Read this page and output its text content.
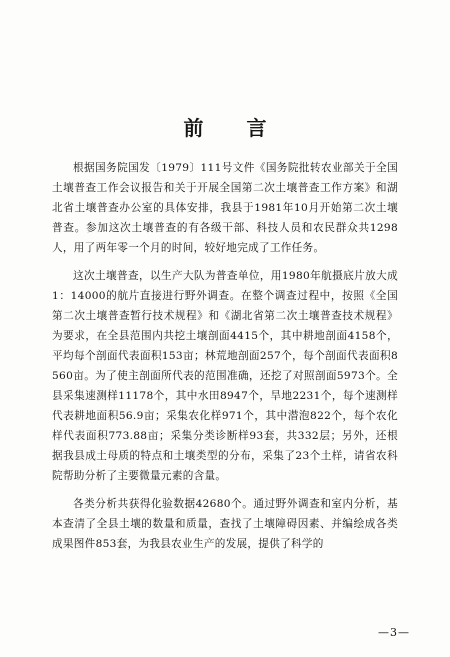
前 言

根据国务院国发〔1979〕111号文件《国务院批转农业部关于全国土壤普查工作会议报告和关于开展全国第二次土壤普查工作方案》和湖北省土壤普查办公室的具体安排，我县于1981年10月开始第二次土壤普查。参加这次土壤普查的有各级干部、科技人员和农民群众共1298人，用了两年零一个月的时间，较好地完成了工作任务。

这次土壤普查，以生产大队为普查单位，用1980年航摄底片放大成1：14000的航片直接进行野外调查。在整个调查过程中，按照《全国第二次土壤普查暂行技术规程》和《湖北省第二次土壤普查技术规程》为要求，在全县范围内共挖土壤剖面4415个，其中耕地剖面4158个，平均每个剖面代表面积153亩；林荒地剖面257个，每个剖面代表面积8560亩。为了使主剖面所代表的范围准确，还挖了对照剖面5973个。全县采集速测样11178个，其中水田8947个，旱地2231个，每个速测样代表耕地面积56.9亩；采集农化样971个，其中潜泡822个，每个农化样代表面积773.88亩；采集分类诊断样93套，共332层；另外，还根据我县成土母质的特点和土壤类型的分布，采集了23个土样，请省农科院帮助分析了主要微量元素的含量。

各类分析共获得化验数据42680个。通过野外调查和室内分析，基本查清了全县土壤的数量和质量，查找了土壤障碍因素、并编绘成各类成果图件853套，为我县农业生产的发展，提供了科学的

—3—
